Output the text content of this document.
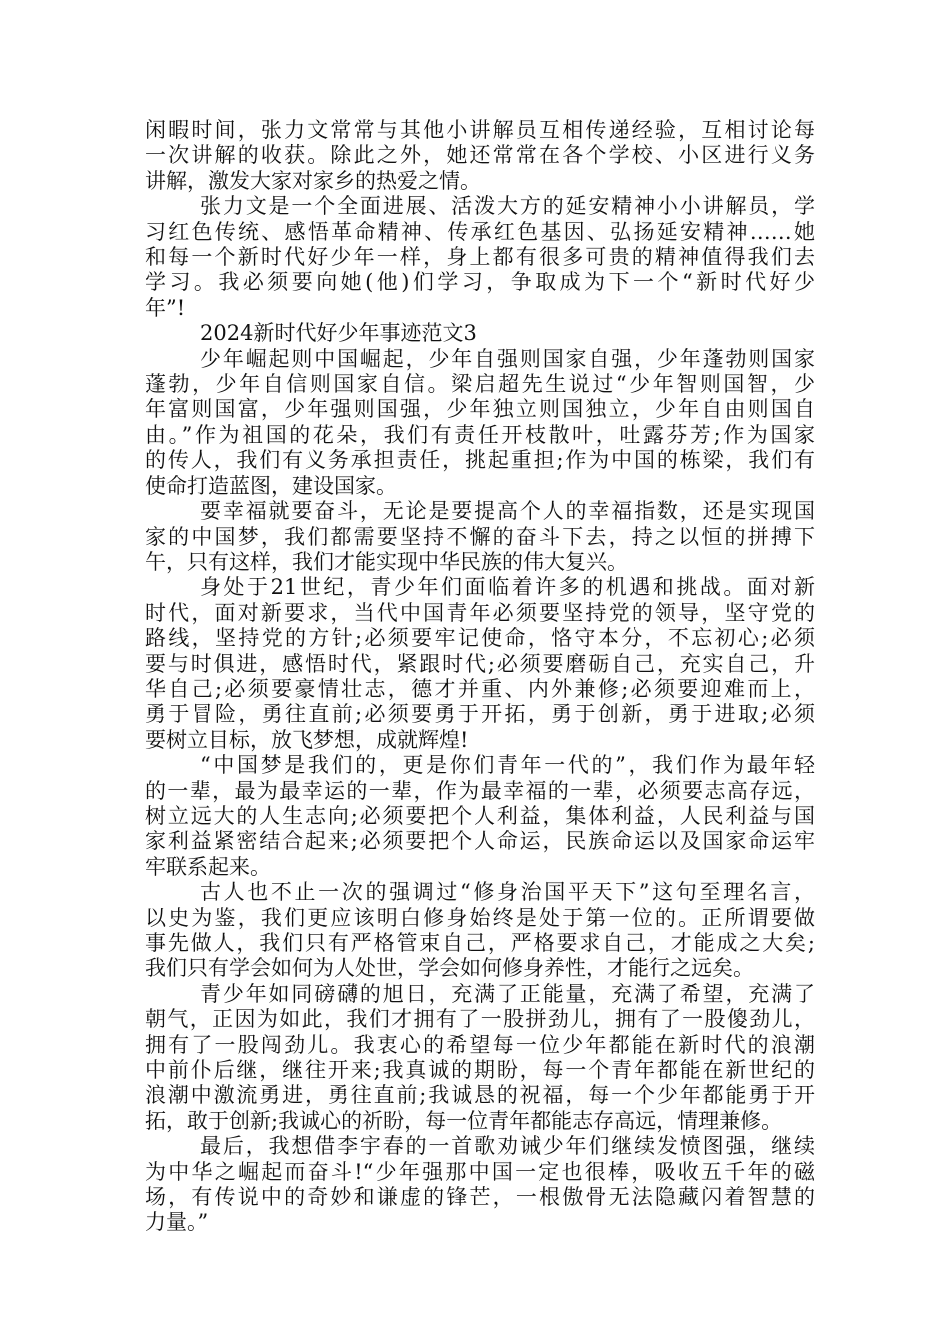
闲暇时间，张力文常常与其他小讲解员互相传递经验，互相讨论每
一次讲解的收获。除此之外，她还常常在各个学校、小区进行义务
讲解，激发大家对家乡的热爱之情。
张力文是一个全面进展、活泼大方的延安精神小小讲解员，学
习红色传统、感悟革命精神、传承红色基因、弘扬延安精神……她
和每一个新时代好少年一样，身上都有很多可贵的精神值得我们去
学习。我必须要向她(他)们学习，争取成为下一个“新时代好少
年”!
2024新时代好少年事迹范文3
少年崛起则中国崛起，少年自强则国家自强，少年蓬勃则国家
蓬勃，少年自信则国家自信。梁启超先生说过“少年智则国智，少
年富则国富，少年强则国强，少年独立则国独立，少年自由则国自
由。”作为祖国的花朵，我们有责任开枝散叶，吐露芬芳;作为国家
的传人，我们有义务承担责任，挑起重担;作为中国的栋梁，我们有
使命打造蓝图，建设国家。
要幸福就要奋斗，无论是要提高个人的幸福指数，还是实现国
家的中国梦，我们都需要坚持不懈的奋斗下去，持之以恒的拼搏下
午，只有这样，我们才能实现中华民族的伟大复兴。
身处于21世纪，青少年们面临着许多的机遇和挑战。面对新
时代，面对新要求，当代中国青年必须要坚持党的领导，坚守党的
路线，坚持党的方针;必须要牢记使命，恪守本分，不忘初心;必须
要与时俱进，感悟时代，紧跟时代;必须要磨砺自己，充实自己，升
华自己;必须要豪情壮志，德才并重、内外兼修;必须要迎难而上，
勇于冒险，勇往直前;必须要勇于开拓，勇于创新，勇于进取;必须
要树立目标，放飞梦想，成就辉煌!
“中国梦是我们的，更是你们青年一代的”，我们作为最年轻
的一辈，最为最幸运的一辈，作为最幸福的一辈，必须要志高存远，
树立远大的人生志向;必须要把个人利益，集体利益，人民利益与国
家利益紧密结合起来;必须要把个人命运，民族命运以及国家命运牢
牢联系起来。
古人也不止一次的强调过“修身治国平天下”这句至理名言，
以史为鉴，我们更应该明白修身始终是处于第一位的。正所谓要做
事先做人，我们只有严格管束自己，严格要求自己，才能成之大矣;
我们只有学会如何为人处世，学会如何修身养性，才能行之远矣。
青少年如同磅礴的旭日，充满了正能量，充满了希望，充满了
朝气，正因为如此，我们才拥有了一股拼劲儿，拥有了一股傻劲儿，
拥有了一股闯劲儿。我衷心的希望每一位少年都能在新时代的浪潮
中前仆后继，继往开来;我真诚的期盼，每一个青年都能在新世纪的
浪潮中激流勇进，勇往直前;我诚恳的祝福，每一个少年都能勇于开
拓，敢于创新;我诚心的祈盼，每一位青年都能志存高远，情理兼修。
最后，我想借李宇春的一首歌劝诫少年们继续发愤图强，继续
为中华之崛起而奋斗!“少年强那中国一定也很棒，吸收五千年的磁
场，有传说中的奇妙和谦虚的锋芒，一根傲骨无法隐藏闪着智慧的
力量。”
